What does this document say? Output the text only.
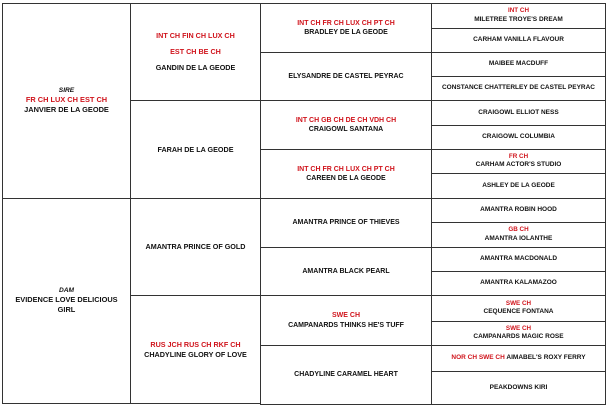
SIRE
FR CH LUX CH EST CH
JANVIER DE LA GEODE
DAM
EVIDENCE LOVE DELICIOUS GIRL
INT CH FIN CH LUX CH
EST CH BE CH
GANDIN DE LA GEODE
FARAH DE LA GEODE
AMANTRA PRINCE OF GOLD
RUS JCH RUS CH RKF CH
CHADYLINE GLORY OF LOVE
INT CH FR CH LUX CH PT CH
BRADLEY DE LA GEODE
ELYSANDRE DE CASTEL PEYRAC
INT CH GB CH DE CH VDH CH
CRAIGOWL SANTANA
INT CH FR CH LUX CH PT CH
CAREEN DE LA GEODE
AMANTRA PRINCE OF THIEVES
AMANTRA BLACK PEARL
SWE CH
CAMPANARDS THINKS HE'S TUFF
CHADYLINE CARAMEL HEART
INT CH
MILETREE TROYE'S DREAM
CARHAM VANILLA FLAVOUR
MAIBEE MACDUFF
CONSTANCE CHATTERLEY DE CASTEL PEYRAC
CRAIGOWL ELLIOT NESS
CRAIGOWL COLUMBIA
FR CH
CARHAM ACTOR'S STUDIO
ASHLEY DE LA GEODE
AMANTRA ROBIN HOOD
GB CH
AMANTRA IOLANTHE
AMANTRA MACDONALD
AMANTRA KALAMAZOO
SWE CH
CEQUENCE FONTANA
SWE CH
CAMPANARDS MAGIC ROSE
NOR CH SWE CH AIMABEL'S ROXY FERRY
PEAKDOWNS KIRI
